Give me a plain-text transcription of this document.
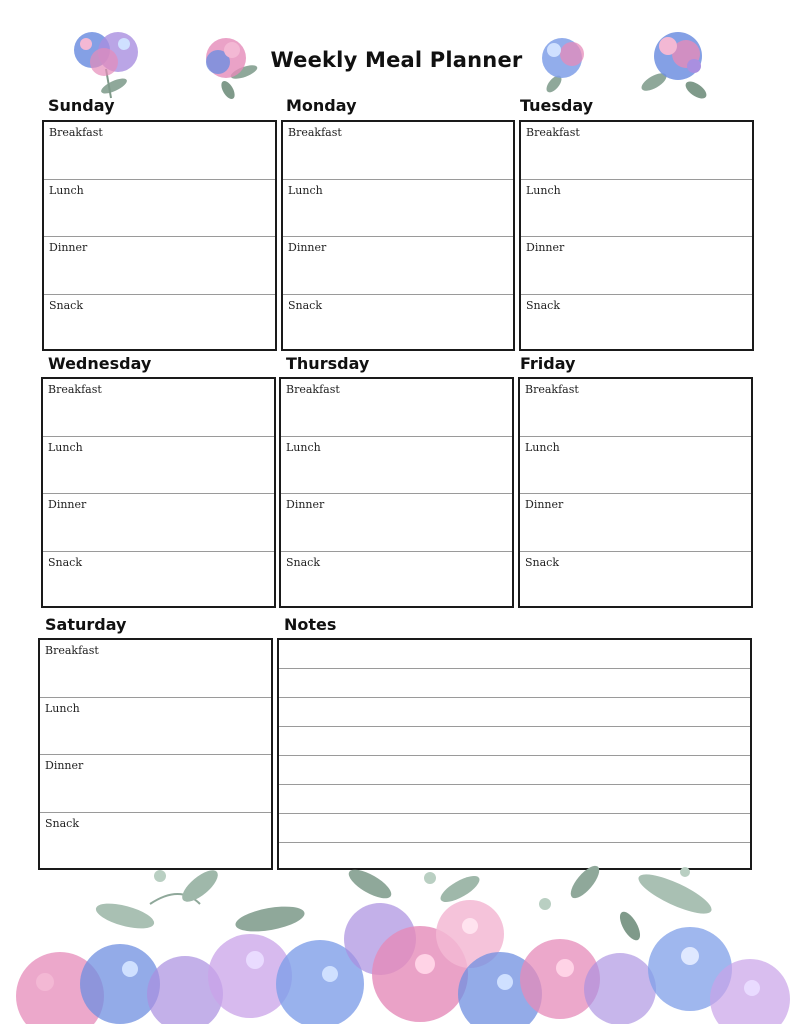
Weekly Meal Planner
Sunday
Breakfast
Lunch
Dinner
Snack
Monday
Breakfast
Lunch
Dinner
Snack
Tuesday
Breakfast
Lunch
Dinner
Snack
Wednesday
Breakfast
Lunch
Dinner
Snack
Thursday
Breakfast
Lunch
Dinner
Snack
Friday
Breakfast
Lunch
Dinner
Snack
Saturday
Breakfast
Lunch
Dinner
Snack
Notes
